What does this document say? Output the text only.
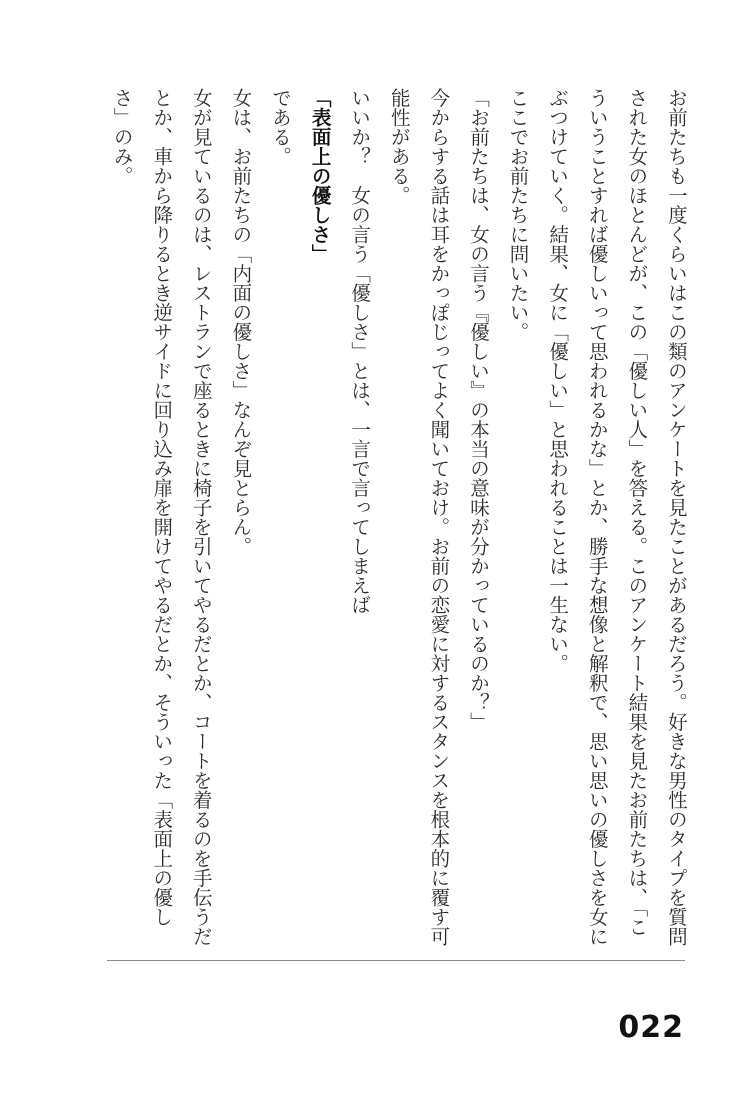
お前たちも一度くらいはこの類のアンケートを見たことがあるだろう。好きな男性のタイプを質問された女のほとんどが、この「優しい人」を答える。このアンケート結果を見たお前たちは、「こういうことすれば優しいって思われるかな」とか、勝手な想像と解釈で、思い思いの優しさを女にぶつけていく。結果、女に「優しい」と思われることは一生ない。

ここでお前たちに問いたい。

「お前たちは、女の言う『優しい』の本当の意味が分かっているのか？」

今からする話は耳をかっぽじってよく聞いておけ。お前の恋愛に対するスタンスを根本的に覆す可能性がある。

いいか？　女の言う「優しさ」とは、一言で言ってしまえば

「表面上の優しさ」

である。

女は、お前たちの「内面の優しさ」なんぞ見とらん。

女が見ているのは、レストランで座るときに椅子を引いてやるだとか、コートを着るのを手伝うだとか、車から降りるとき逆サイドに回り込み扉を開けてやるだとか、そういった「表面上の優しさ」のみ。

022
